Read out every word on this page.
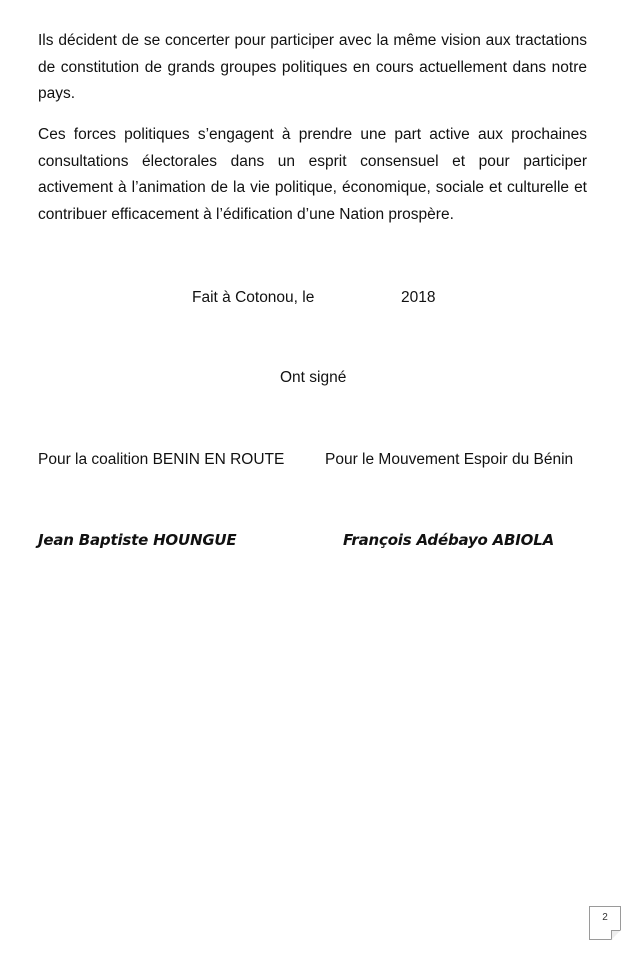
Ils décident de se concerter pour participer avec la même vision aux tractations de constitution de grands groupes politiques en cours actuellement dans notre pays.

Ces forces politiques s’engagent à prendre une part active aux prochaines consultations électorales dans un esprit consensuel et pour participer activement à l’animation de la vie politique, économique, sociale et culturelle et contribuer efficacement à l’édification d’une Nation prospère.

Fait à Cotonou, le	2018

Ont signé

Pour la coalition BENIN EN ROUTE	Pour le Mouvement Espoir du Bénin

Jean Baptiste HOUNGUE	François Adébayo ABIOLA

2
